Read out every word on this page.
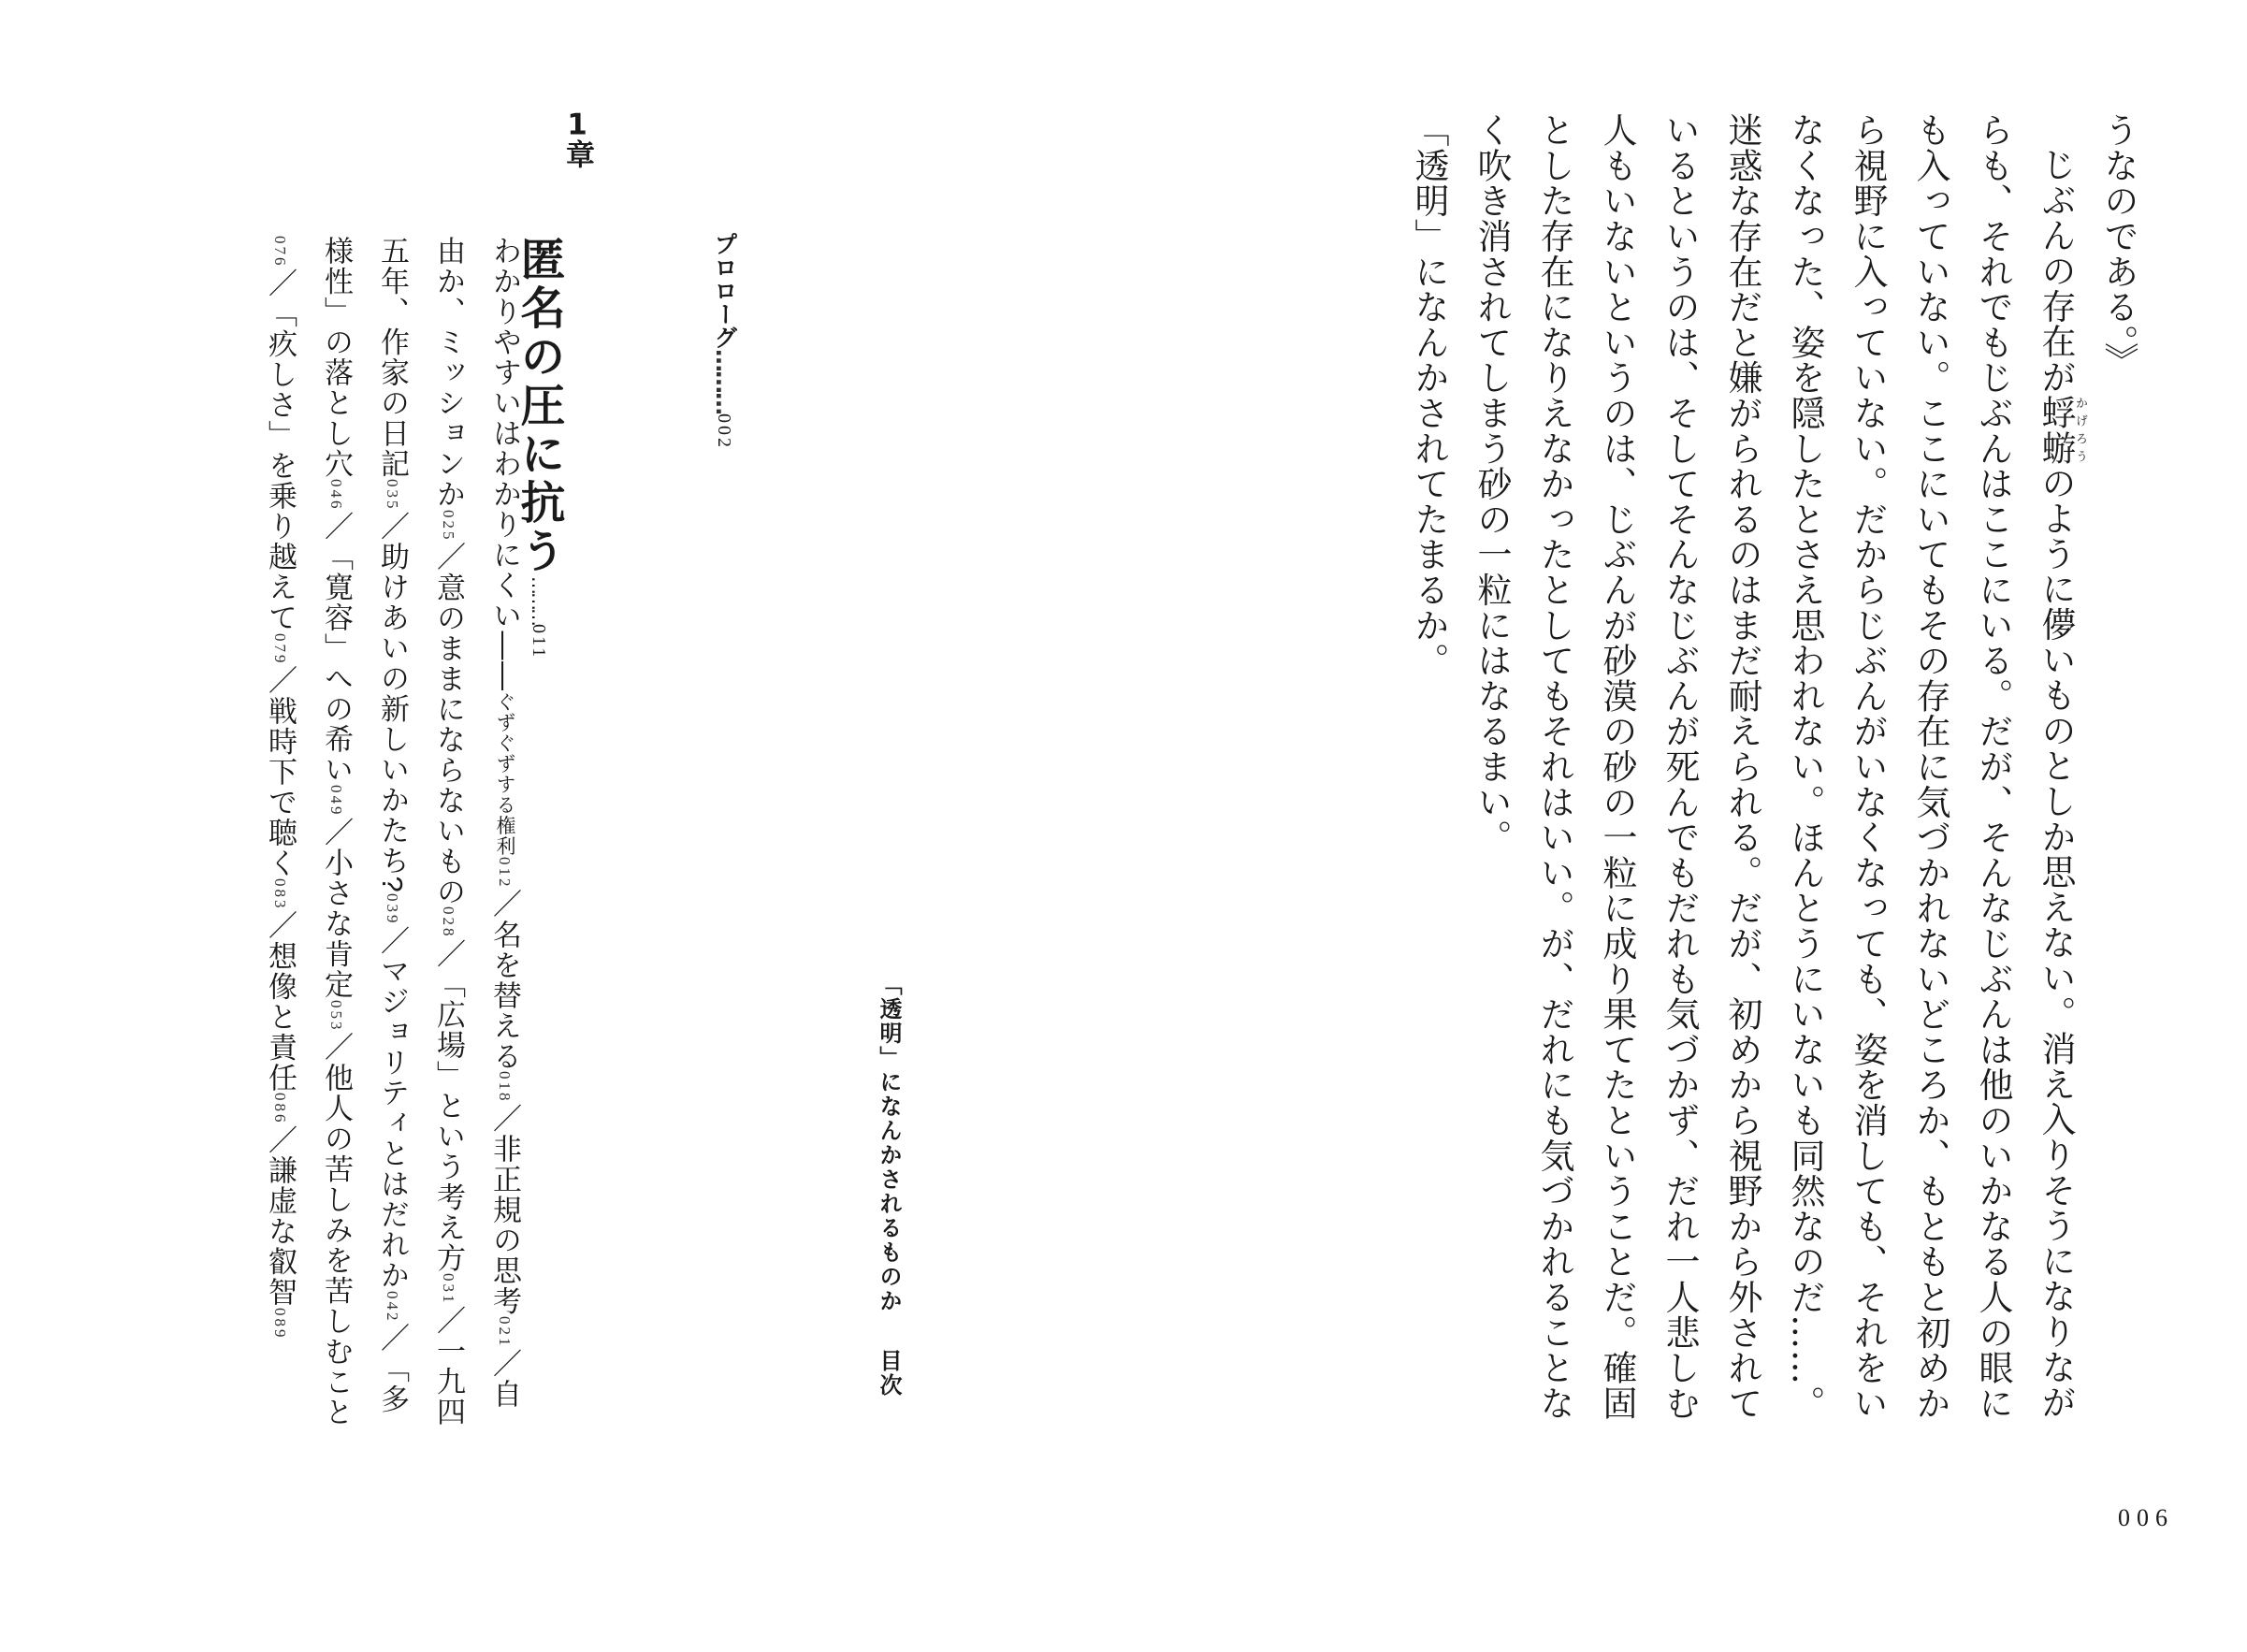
「透明」になんかされるものか目次
プロローグ………002
1章
匿名の圧に抗う………011
わかりやすいはわかりにくい――ぐずぐずする権利012／名を替える018／非正規の思考021／自由か、ミッションか025／意のままにならないもの028／「広場」という考え方031／一九四五年、作家の日記035／助けあいの新しいかたち?039／マジョリティとはだれか042／「多様性」の落とし穴046／「寛容」への希い049／小さな肯定053／他人の苦しみを苦しむこと076／「疚しさ」を乗り越えて079／戦時下で聴く083／想像と責任086／謙虚な叡智089

うなのである。》

じぶんの存在が蜉蝣かげろうのように儚いものとしか思えない。消え入りそうになりながらも、それでもじぶんはここにいる。だが、そんなじぶんは他のいかなる人の眼にも入っていない。ここにいてもその存在に気づかれないどころか、もともと初めから視野に入っていない。だからじぶんがいなくなっても、姿を消しても、それをいなくなった、姿を隠したとさえ思われない。ほんとうにいないも同然なのだ……。迷惑な存在だと嫌がられるのはまだ耐えられる。だが、初めから視野から外されているというのは、そしてそんなじぶんが死んでもだれも気づかず、だれ一人悲しむ人もいないというのは、じぶんが砂漠の砂の一粒に成り果てたということだ。確固とした存在になりえなかったとしてもそれはいい。が、だれにも気づかれることなく吹き消されてしまう砂の一粒にはなるまい。

「透明」になんかされてたまるか。

006
